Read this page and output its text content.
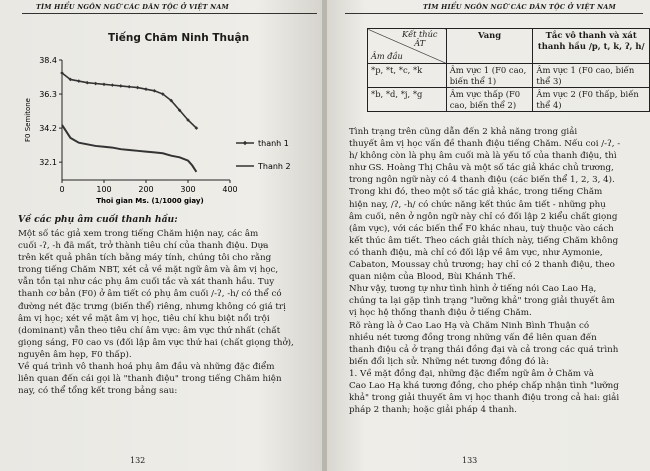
TÌM HIỂU NGÔN NGỮ CÁC DÂN TỘC Ở VIỆT NAM
Tiếng Chăm Ninh Thuận
38.4
36.3
34.2
32.1
0	100	200	300	400
Thoi gian Ms. (1/1000 giay)
F0 Semitone
thanh 1
Thanh 2
Về các phụ âm cuối thanh hầu:
Một số tác giả xem trong tiếng Chăm hiện nay, các âm
cuối -ʔ, -h đã mất, trở thành tiêu chí của thanh điệu. Dựa
trên kết quả phân tích bằng máy tính, chúng tôi cho rằng
trong tiếng Chăm NBT, xét cả về mặt ngữ âm và âm vị học,
vẫn tồn tại như các phụ âm cuối tắc và xát thanh hầu. Tuy
thanh cơ bản (F0) ở âm tiết có phụ âm cuối /-ʔ, -h/ có thể có
đường nét đặc trưng (biến thể) riêng, nhưng không có giá trị
âm vị học; xét về mặt âm vị học, tiêu chí khu biệt nổi trội
(dominant) vẫn theo tiêu chí âm vực: âm vực thứ nhất (chất
giọng sáng, F0 cao vs (đối lập âm vực thứ hai (chất giọng thở),
nguyên âm hẹp, F0 thấp).
Về quá trình vô thanh hoá phụ âm đầu và những đặc điểm
liên quan đến cái gọi là "thanh điệu" trong tiếng Chăm hiện
nay, có thể tổng kết trong bảng sau:
132
TÌM HIỂU NGÔN NGỮ CÁC DÂN TỘC Ở VIỆT NAM
Kết thúc ÂT
Âm đầu	Vang	Tắc vô thanh và xát thanh hầu /p, t, k, ʔ, h/
*p, *t, *c, *k	Âm vực 1 (F0 cao, biến thể 1)	Âm vực 1 (F0 cao, biến thể 3)
*b, *d, *j, *g	Âm vực thấp (F0 cao, biến thể 2)	Âm vực 2 (F0 thấp, biến thể 4)
Tình trạng trên cũng dẫn đến 2 khả năng trong giải
thuyết âm vị học vấn đề thanh điệu tiếng Chăm. Nếu coi /-ʔ, -
h/ không còn là phụ âm cuối mà là yếu tố của thanh điệu, thì
như GS. Hoàng Thị Châu và một số tác giả khác chủ trương,
trong ngôn ngữ này có 4 thanh điệu (các biến thể 1, 2, 3, 4).
Trong khi đó, theo một số tác giả khác, trong tiếng Chăm
hiện nay, /ʔ, -h/ có chức năng kết thúc âm tiết - những phụ
âm cuối, nên ở ngôn ngữ này chỉ có đối lập 2 kiểu chất giọng
(âm vực), với các biến thể F0 khác nhau, tuỳ thuộc vào cách
kết thúc âm tiết. Theo cách giải thích này, tiếng Chăm không
có thanh điệu, mà chỉ có đối lập về âm vực, như Aymonie,
Cabaton, Moussay chủ trương; hay chỉ có 2 thanh điệu, theo
quan niệm của Blood, Bùi Khánh Thế.
Như vậy, tương tự như tình hình ở tiếng nói Cao Lao Hạ,
chúng ta lại gặp tình trạng "lưỡng khả" trong giải thuyết âm
vị học hệ thống thanh điệu ở tiếng Chăm.
Rõ ràng là ở Cao Lao Hạ và Chăm Ninh Bình Thuận có
nhiều nét tương đồng trong những vấn đề liên quan đến
thanh điệu cả ở trạng thái đồng đại và cả trong các quá trình
biến đổi lịch sử. Những nét tương đồng đó là:
1. Về mặt đồng đại, những đặc điểm ngữ âm ở Chăm và
Cao Lao Hạ khá tương đồng, cho phép chấp nhận tình "lưỡng
khả" trong giải thuyết âm vị học thanh điệu trong cả hai: giải
pháp 2 thanh; hoặc giải pháp 4 thanh.
133
